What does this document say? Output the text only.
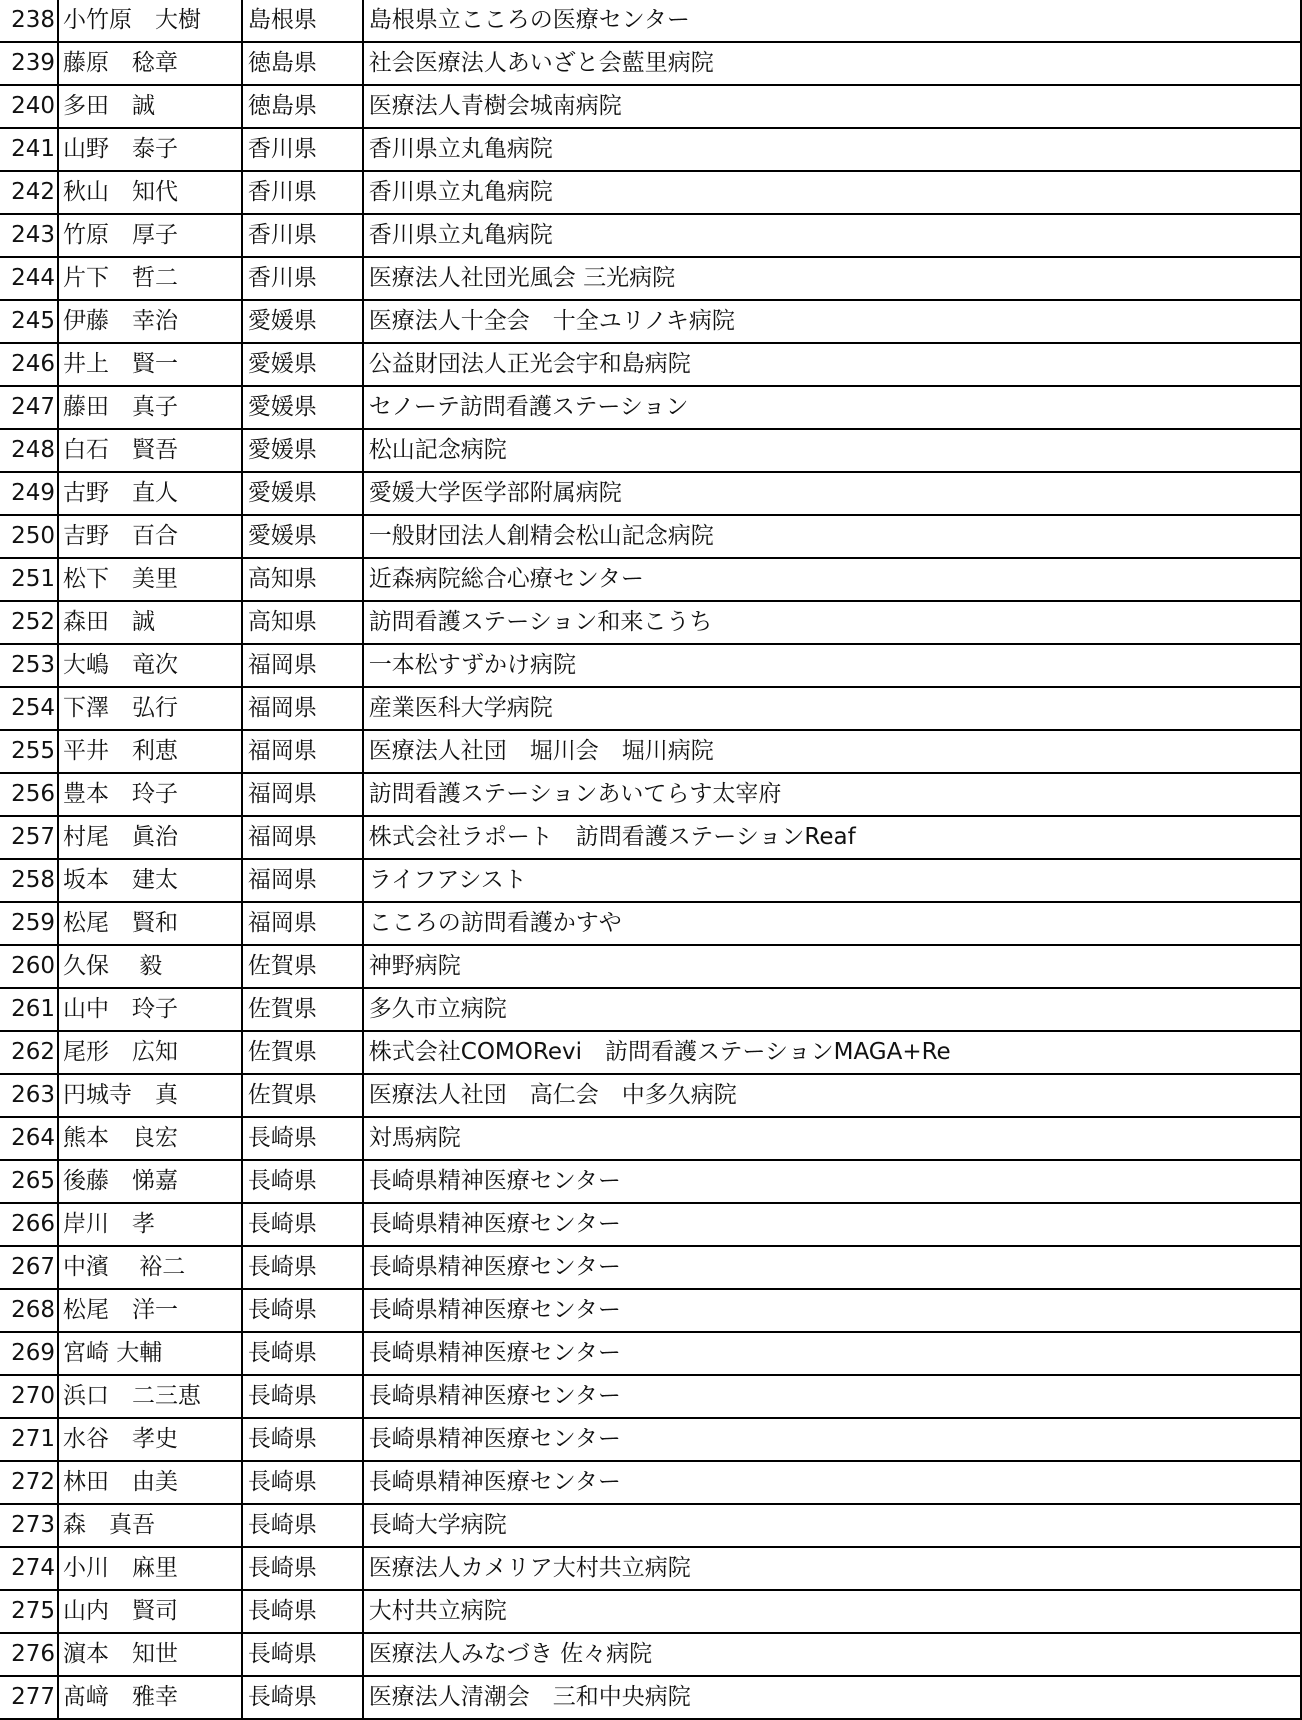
238	小竹原　大樹	島根県	島根県立こころの医療センター
239	藤原　稔章	徳島県	社会医療法人あいざと会藍里病院
240	多田　誠	徳島県	医療法人青樹会城南病院
241	山野　泰子	香川県	香川県立丸亀病院
242	秋山　知代	香川県	香川県立丸亀病院
243	竹原　厚子	香川県	香川県立丸亀病院
244	片下　哲二	香川県	医療法人社団光風会 三光病院
245	伊藤　幸治	愛媛県	医療法人十全会　十全ユリノキ病院
246	井上　賢一	愛媛県	公益財団法人正光会宇和島病院
247	藤田　真子	愛媛県	セノーテ訪問看護ステーション
248	白石　賢吾	愛媛県	松山記念病院
249	古野　直人	愛媛県	愛媛大学医学部附属病院
250	吉野　百合	愛媛県	一般財団法人創精会松山記念病院
251	松下　美里	高知県	近森病院総合心療センター
252	森田　誠	高知県	訪問看護ステーション和来こうち
253	大嶋　竜次	福岡県	一本松すずかけ病院
254	下澤　弘行	福岡県	産業医科大学病院
255	平井　利恵	福岡県	医療法人社団　堀川会　堀川病院
256	豊本　玲子	福岡県	訪問看護ステーションあいてらす太宰府
257	村尾　眞治	福岡県	株式会社ラポート　訪問看護ステーションReaf
258	坂本　建太	福岡県	ライフアシスト
259	松尾　賢和	福岡県	こころの訪問看護かすや
260	久保　 毅	佐賀県	神野病院
261	山中　玲子	佐賀県	多久市立病院
262	尾形　広知	佐賀県	株式会社COMORevi　訪問看護ステーションMAGA+Re
263	円城寺　真	佐賀県	医療法人社団　高仁会　中多久病院
264	熊本　良宏	長崎県	対馬病院
265	後藤　悌嘉	長崎県	長崎県精神医療センター
266	岸川　孝	長崎県	長崎県精神医療センター
267	中濱　 裕二	長崎県	長崎県精神医療センター
268	松尾　洋一	長崎県	長崎県精神医療センター
269	宮崎 大輔	長崎県	長崎県精神医療センター
270	浜口　二三恵	長崎県	長崎県精神医療センター
271	水谷　孝史	長崎県	長崎県精神医療センター
272	林田　由美	長崎県	長崎県精神医療センター
273	森　真吾	長崎県	長崎大学病院
274	小川　麻里	長崎県	医療法人カメリア大村共立病院
275	山内　賢司	長崎県	大村共立病院
276	濵本　知世	長崎県	医療法人みなづき 佐々病院
277	髙﨑　雅幸	長崎県	医療法人清潮会　三和中央病院
